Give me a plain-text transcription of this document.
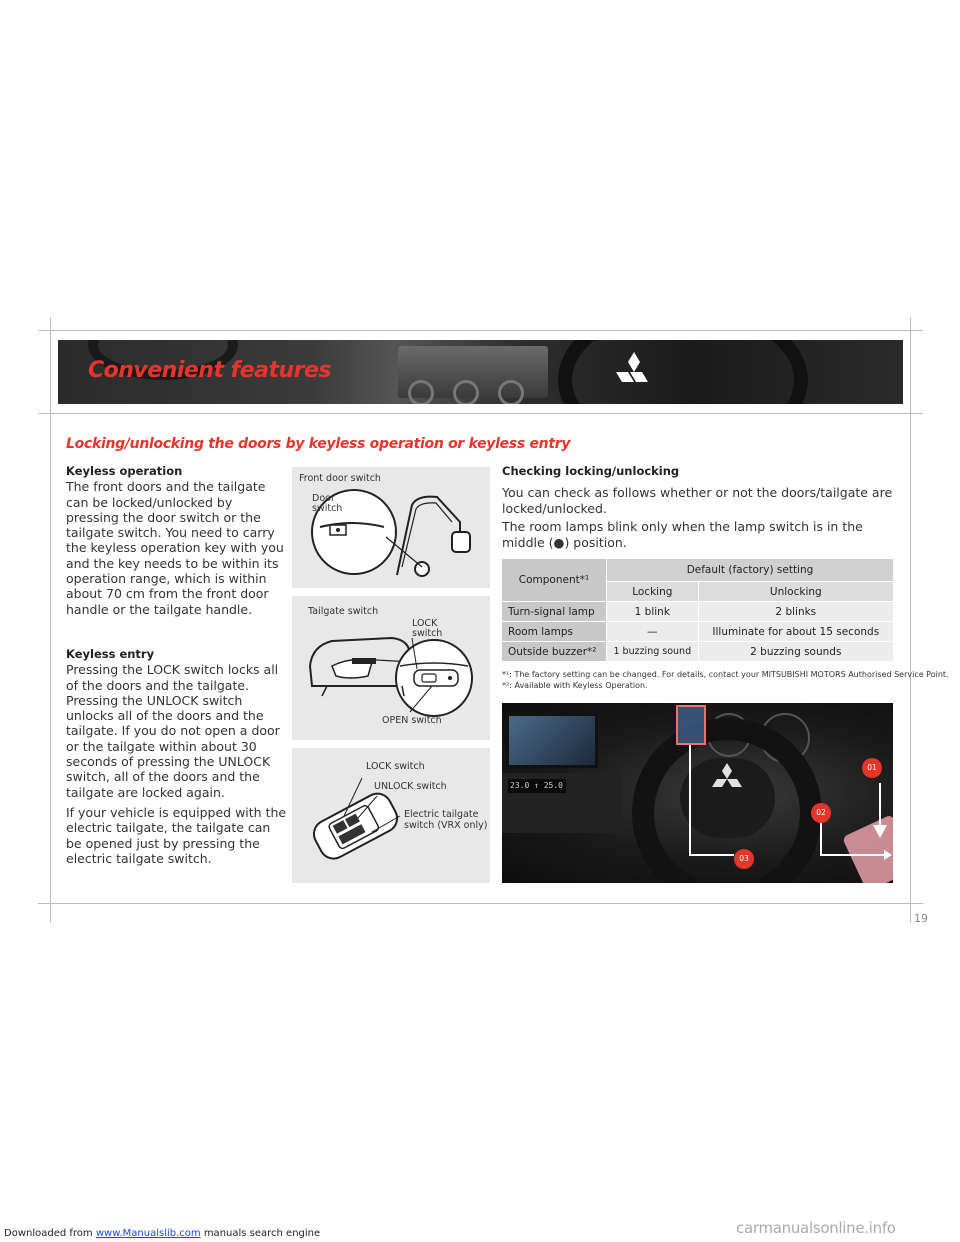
Convenient features
Locking/unlocking the doors by keyless operation or keyless entry
Keyless operation

The front doors and the tailgate can be locked/unlocked by pressing the door switch or the tailgate switch. You need to carry the keyless operation key with you and the key needs to be within its operation range, which is within about 70 cm from the front door handle or the tailgate handle.

Keyless entry

Pressing the LOCK switch locks all of the doors and the tailgate. Pressing the UNLOCK switch unlocks all of the doors and the tailgate. If you do not open a door or the tailgate within about 30 seconds of pressing the UNLOCK switch, all of the doors and the tailgate are locked again.

If your vehicle is equipped with the electric tailgate, the tailgate can be opened just by pressing the electric tailgate switch.

Front door switch
Door switch
Tailgate switch
LOCK switch
OPEN switch
LOCK switch
UNLOCK switch
Electric tailgate switch (VRX only)
Checking locking/unlocking
You can check as follows whether or not the doors/tailgate are locked/unlocked.
The room lamps blink only when the lamp switch is in the middle (●) position.
Component*¹	Default (factory) setting	
	Locking	Unlocking
Turn-signal lamp	1 blink	2 blinks
Room lamps	—	Illuminate for about 15 seconds
Outside buzzer*²	1 buzzing sound	2 buzzing sounds
*¹: The factory setting can be changed. For details, contact your MITSUBISHI MOTORS Authorised Service Point.
*²: Available with Keyless Operation.
23.0 ↑ 25.0
01
02
03
19
Downloaded from www.Manualslib.com manuals search engine	carmanualsonline.info
